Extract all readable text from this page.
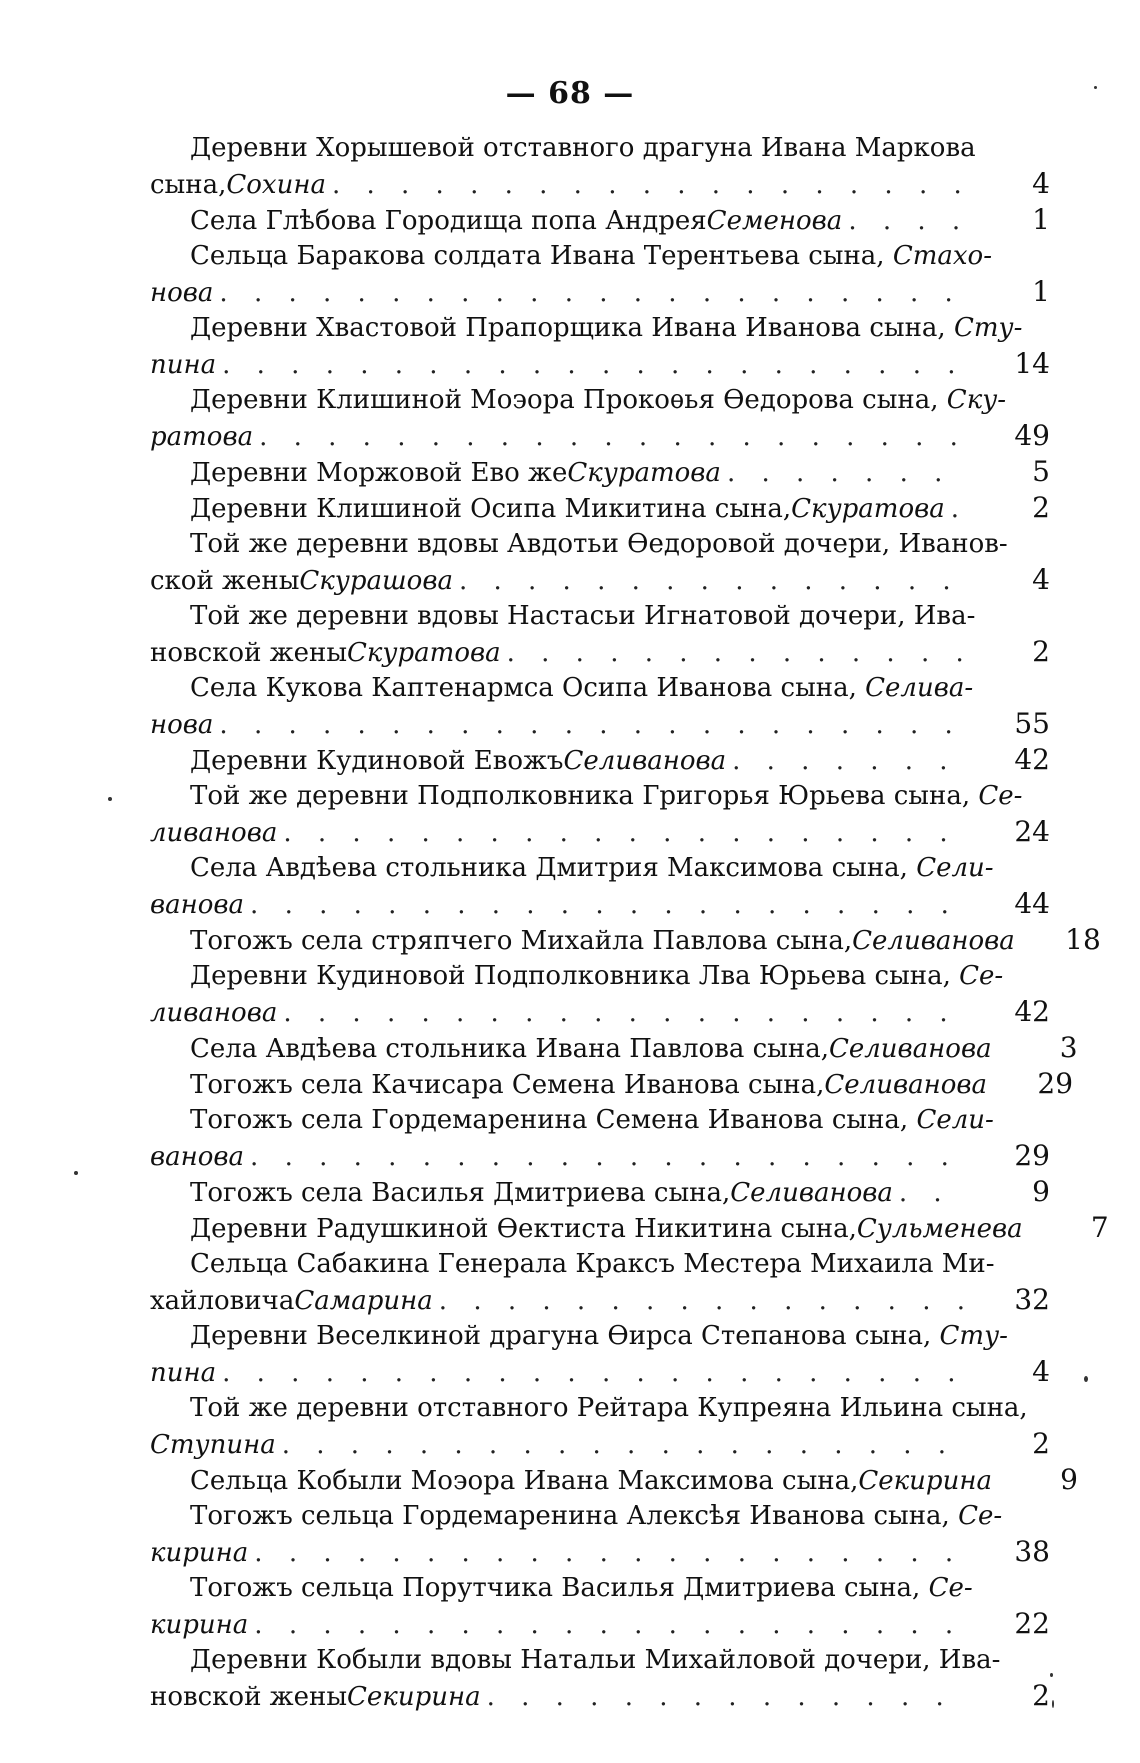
— 68 —
Деревни Хорышевой отставного драгуна Ивана Маркова
сына, Сохина . . .	4
Села Глѣбова Городища попа Андрея Семенова . . .	1
Сельца Баракова солдата Ивана Терентьева сына, Стахо-
нова . . .	1
Деревни Хвастовой Прапорщика Ивана Иванова сына, Сту-
пина . . .	14
Деревни Клишиной Моэора Прокоѳья Ѳедорова сына, Ску-
ратова . . .	49
Деревни Моржовой Ево же Скуратова . . .	5
Деревни Клишиной Осипа Микитина сына, Скуратова . . .	2
Той же деревни вдовы Авдотьи Ѳедоровой дочери, Иванов-
ской жены Скурашова . . .	4
Той же деревни вдовы Настасьи Игнатовой дочери, Ива-
новской жены Скуратова . . .	2
Села Кукова Каптенармса Осипа Иванова сына, Селива-
нова . . .	55
Деревни Кудиновой Евожъ Селиванова . . .	42
Той же деревни Подполковника Григорья Юрьева сына, Се-
ливанова . . .	24
Села Авдѣева стольника Дмитрия Максимова сына, Сели-
ванова . . .	44
Тогожъ села стряпчего Михайла Павлова сына, Селиванова	18
Деревни Кудиновой Подполковника Лва Юрьева сына, Се-
ливанова . . .	42
Села Авдѣева стольника Ивана Павлова сына, Селиванова	3
Тогожъ села Качисара Семена Иванова сына, Селиванова	29
Тогожъ села Гордемаренина Семена Иванова сына, Сели-
ванова . . .	29
Тогожъ села Василья Дмитриева сына, Селиванова . . .	9
Деревни Радушкиной Ѳектиста Никитина сына, Сульменева	7
Сельца Сабакина Генерала Краксъ Местера Михаила Ми-
хайловича Самарина . . .	32
Деревни Веселкиной драгуна Ѳирса Степанова сына, Сту-
пина . . .	4
Той же деревни отставного Рейтара Купреяна Ильина сына,
Ступина . . .	2
Сельца Кобыли Моэора Ивана Максимова сына, Секирина	9
Тогожъ сельца Гордемаренина Алексѣя Иванова сына, Се-
кирина . . .	38
Тогожъ сельца Порутчика Василья Дмитриева сына, Се-
кирина . . .	22
Деревни Кобыли вдовы Натальи Михайловой дочери, Ива-
новской жены Секирина . . .	2
